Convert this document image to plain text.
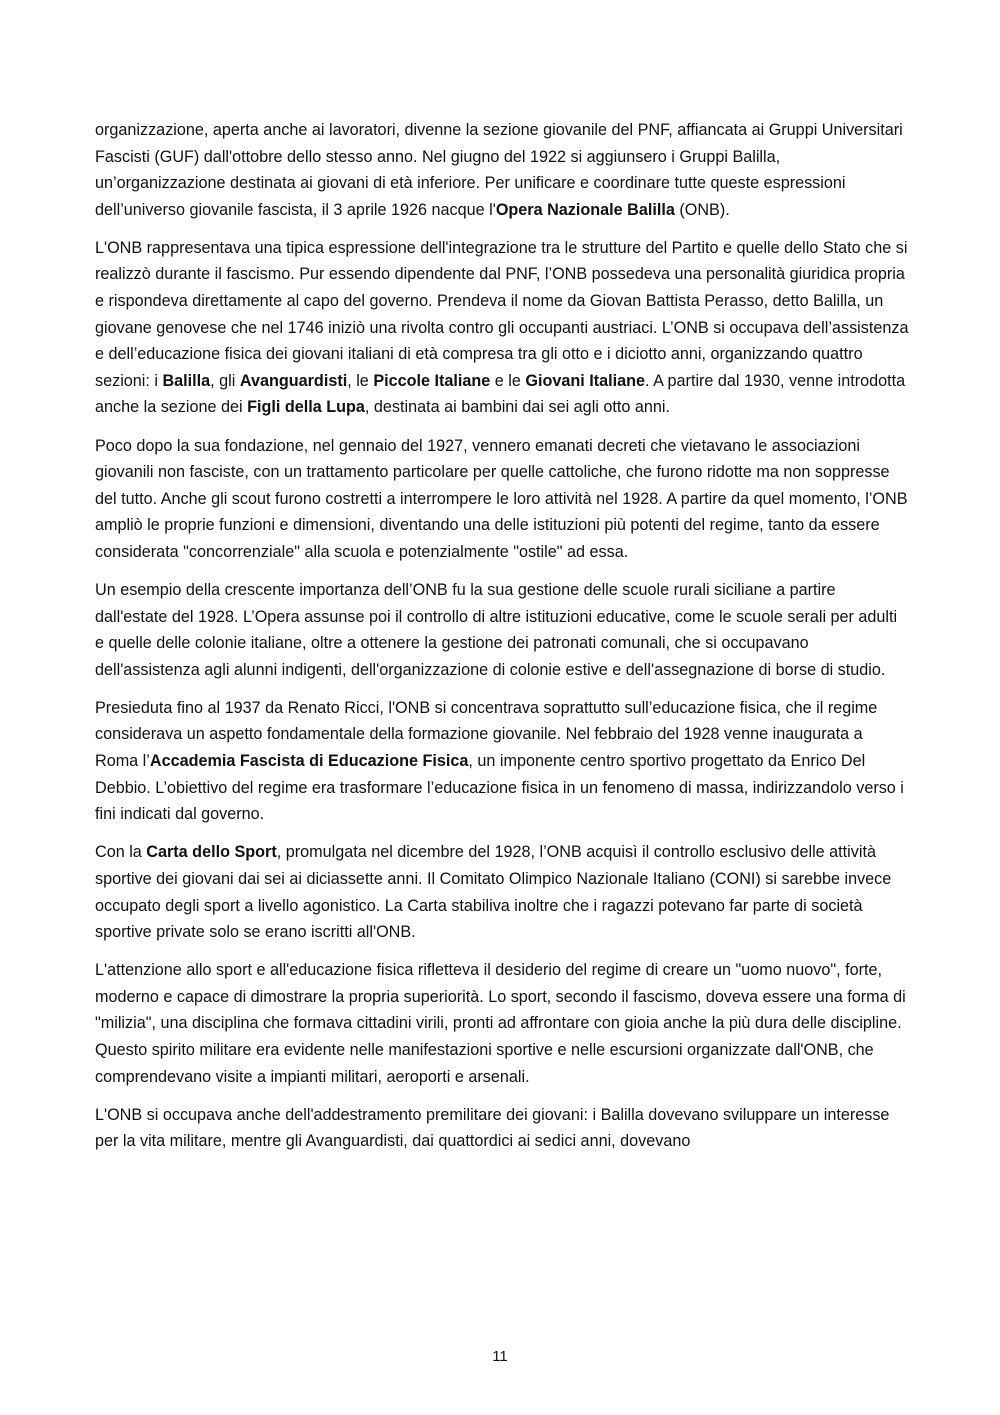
organizzazione, aperta anche ai lavoratori, divenne la sezione giovanile del PNF, affiancata ai Gruppi Universitari Fascisti (GUF) dall'ottobre dello stesso anno. Nel giugno del 1922 si aggiunsero i Gruppi Balilla, un’organizzazione destinata ai giovani di età inferiore. Per unificare e coordinare tutte queste espressioni dell’universo giovanile fascista, il 3 aprile 1926 nacque l'Opera Nazionale Balilla (ONB).

L'ONB rappresentava una tipica espressione dell'integrazione tra le strutture del Partito e quelle dello Stato che si realizzò durante il fascismo. Pur essendo dipendente dal PNF, l’ONB possedeva una personalità giuridica propria e rispondeva direttamente al capo del governo. Prendeva il nome da Giovan Battista Perasso, detto Balilla, un giovane genovese che nel 1746 iniziò una rivolta contro gli occupanti austriaci. L’ONB si occupava dell’assistenza e dell’educazione fisica dei giovani italiani di età compresa tra gli otto e i diciotto anni, organizzando quattro sezioni: i Balilla, gli Avanguardisti, le Piccole Italiane e le Giovani Italiane. A partire dal 1930, venne introdotta anche la sezione dei Figli della Lupa, destinata ai bambini dai sei agli otto anni.

Poco dopo la sua fondazione, nel gennaio del 1927, vennero emanati decreti che vietavano le associazioni giovanili non fasciste, con un trattamento particolare per quelle cattoliche, che furono ridotte ma non soppresse del tutto. Anche gli scout furono costretti a interrompere le loro attività nel 1928. A partire da quel momento, l’ONB ampliò le proprie funzioni e dimensioni, diventando una delle istituzioni più potenti del regime, tanto da essere considerata "concorrenziale" alla scuola e potenzialmente "ostile" ad essa.

Un esempio della crescente importanza dell’ONB fu la sua gestione delle scuole rurali siciliane a partire dall'estate del 1928. L’Opera assunse poi il controllo di altre istituzioni educative, come le scuole serali per adulti e quelle delle colonie italiane, oltre a ottenere la gestione dei patronati comunali, che si occupavano dell'assistenza agli alunni indigenti, dell'organizzazione di colonie estive e dell'assegnazione di borse di studio.

Presieduta fino al 1937 da Renato Ricci, l'ONB si concentrava soprattutto sull’educazione fisica, che il regime considerava un aspetto fondamentale della formazione giovanile. Nel febbraio del 1928 venne inaugurata a Roma l’Accademia Fascista di Educazione Fisica, un imponente centro sportivo progettato da Enrico Del Debbio. L’obiettivo del regime era trasformare l’educazione fisica in un fenomeno di massa, indirizzandolo verso i fini indicati dal governo.

Con la Carta dello Sport, promulgata nel dicembre del 1928, l’ONB acquisì il controllo esclusivo delle attività sportive dei giovani dai sei ai diciassette anni. Il Comitato Olimpico Nazionale Italiano (CONI) si sarebbe invece occupato degli sport a livello agonistico. La Carta stabiliva inoltre che i ragazzi potevano far parte di società sportive private solo se erano iscritti all'ONB.

L'attenzione allo sport e all'educazione fisica rifletteva il desiderio del regime di creare un "uomo nuovo", forte, moderno e capace di dimostrare la propria superiorità. Lo sport, secondo il fascismo, doveva essere una forma di "milizia", una disciplina che formava cittadini virili, pronti ad affrontare con gioia anche la più dura delle discipline. Questo spirito militare era evidente nelle manifestazioni sportive e nelle escursioni organizzate dall'ONB, che comprendevano visite a impianti militari, aeroporti e arsenali.

L'ONB si occupava anche dell'addestramento premilitare dei giovani: i Balilla dovevano sviluppare un interesse per la vita militare, mentre gli Avanguardisti, dai quattordici ai sedici anni, dovevano

11
